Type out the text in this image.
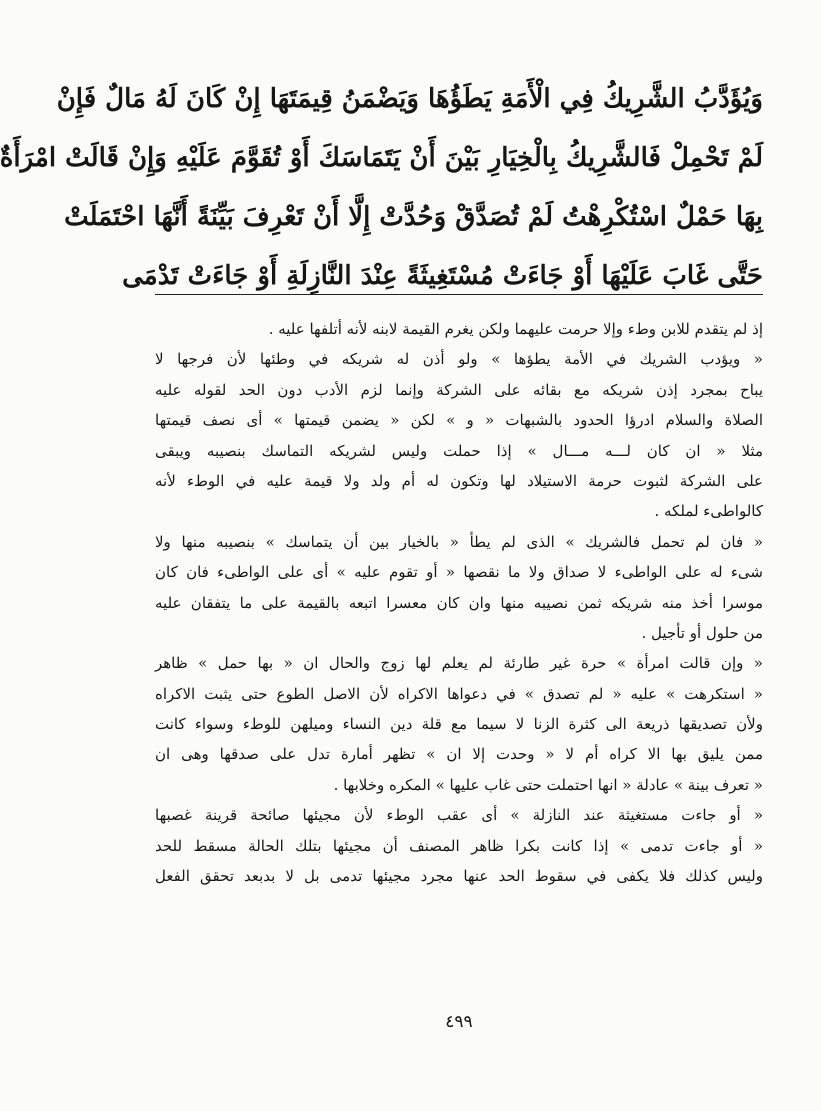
وَيُؤَدَّبُ الشَّرِيكُ فِي الْأَمَةِ يَطَؤُهَا وَيَضْمَنُ قِيمَتَهَا إِنْ كَانَ لَهُ مَالٌ فَإِنْ
لَمْ تَحْمِلْ فَالشَّرِيكُ بِالْخِيَارِ بَيْنَ أَنْ يَتَمَاسَكَ أَوْ تُقَوَّمَ عَلَيْهِ وَإِنْ قَالَتْ امْرَأَةٌ
بِهَا حَمْلٌ اسْتُكْرِهْتُ لَمْ تُصَدَّقْ وَحُدَّتْ إِلَّا أَنْ تَعْرِفَ بَيِّنَةً أَنَّهَا احْتَمَلَتْ
حَتَّى غَابَ عَلَيْهَا أَوْ جَاءَتْ مُسْتَغِيثَةً عِنْدَ النَّازِلَةِ أَوْ جَاءَتْ تَدْمَى
إذ لم يتقدم للابن وطء وإلا حرمت عليهما ولكن يغرم القيمة لابنه لأنه أتلفها عليه .
« ويؤدب الشريك في الأمة يطؤها » ولو أذن له شريكه في وطئها لأن فرجها لا
يباح بمجرد إذن شريكه مع بقائه على الشركة وإنما لزم الأدب دون الحد لقوله عليه
الصلاة والسلام ادرؤا الحدود بالشبهات « و » لكن « يضمن قيمتها » أى نصف قيمتها
مثلا « ان كان لـــه مـــال » إذا حملت وليس لشريكه التماسك بنصيبه ويبقى
على الشركة لثبوت حرمة الاستيلاد لها وتكون له أم ولد ولا قيمة عليه في الوطء لأنه
كالواطىء لملكه .
« فان لم تحمل فالشريك » الذى لم يطأ « بالخيار بين أن يتماسك » بنصيبه منها ولا
شىء له على الواطىء لا صداق ولا ما نقصها « أو تقوم عليه » أى على الواطىء فان كان
موسرا أخذ منه شريكه ثمن نصيبه منها وان كان معسرا اتبعه بالقيمة على ما يتفقان عليه
من حلول أو تأجيل .
« وإن قالت امرأة » حرة غير طارئة لم يعلم لها زوج والحال ان « بها حمل » ظاهر
« استكرهت » عليه « لم تصدق » في دعواها الاكراه لأن الاصل الطوع حتى يثبت الاكراه
ولأن تصديقها ذريعة الى كثرة الزنا لا سيما مع قلة دين النساء وميلهن للوطء وسواء كانت
ممن يليق بها الا كراه أم لا « وحدت إلا ان » تظهر أمارة تدل على صدقها وهى ان
« تعرف بينة » عادلة « انها احتملت حتى غاب عليها » المكره وخلابها .
« أو جاءت مستغيثة عند النازلة » أى عقب الوطء لأن مجيئها صائحة قرينة غصبها
« أو جاءت تدمى » إذا كانت بكرا ظاهر المصنف أن مجيئها بتلك الحالة مسقط للحد
وليس كذلك فلا يكفى في سقوط الحد عنها مجرد مجيئها تدمى بل لا بدبعد تحقق الفعل
٤٩٩
